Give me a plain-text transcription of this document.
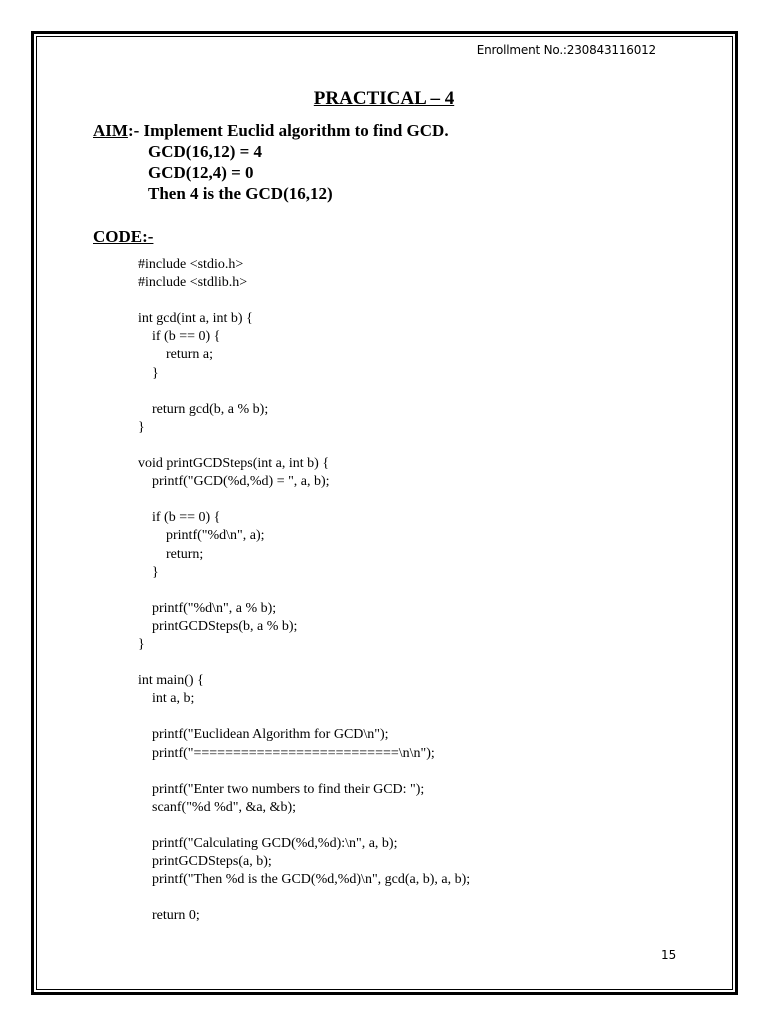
Enrollment No.:230843116012
PRACTICAL – 4
AIM:- Implement Euclid algorithm to find GCD.
GCD(16,12) = 4
GCD(12,4) = 0
Then 4 is the GCD(16,12)
CODE:-
#include <stdio.h>
#include <stdlib.h>
int gcd(int a, int b) {
if (b == 0) {
return a;
}
return gcd(b, a % b);
}
void printGCDSteps(int a, int b) {
printf("GCD(%d,%d) = ", a, b);
if (b == 0) {
printf("%d\n", a);
return;
}
printf("%d\n", a % b);
printGCDSteps(b, a % b);
}
int main() {
int a, b;
printf("Euclidean Algorithm for GCD\n");
printf("==========================\n\n");
printf("Enter two numbers to find their GCD: ");
scanf("%d %d", &a, &b);
printf("Calculating GCD(%d,%d):\n", a, b);
printGCDSteps(a, b);
printf("Then %d is the GCD(%d,%d)\n", gcd(a, b), a, b);
return 0;
15
